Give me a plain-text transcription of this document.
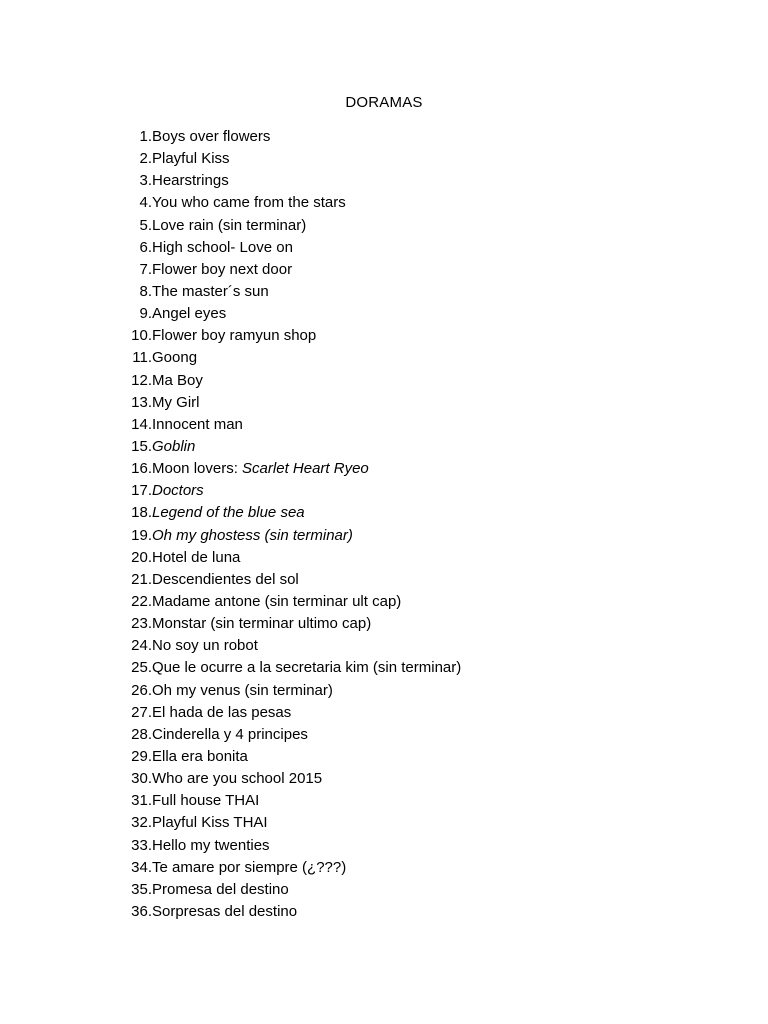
DORAMAS
1. Boys over flowers
2. Playful Kiss
3. Hearstrings
4. You who came from the stars
5. Love rain (sin terminar)
6. High school- Love on
7. Flower boy next door
8. The master´s sun
9. Angel eyes
10. Flower boy ramyun shop
11. Goong
12. Ma Boy
13. My Girl
14. Innocent man
15. Goblin
16. Moon lovers: Scarlet Heart Ryeo
17. Doctors
18. Legend of the blue sea
19. Oh my ghostess (sin terminar)
20. Hotel de luna
21. Descendientes del sol
22. Madame antone (sin terminar ult cap)
23. Monstar (sin terminar ultimo cap)
24. No soy un robot
25. Que le ocurre a la secretaria kim (sin terminar)
26. Oh my venus (sin terminar)
27. El hada de las pesas
28. Cinderella y 4 principes
29. Ella era bonita
30. Who are you school 2015
31. Full house THAI
32. Playful Kiss THAI
33. Hello my twenties
34. Te amare por siempre (¿???)
35. Promesa del destino
36. Sorpresas del destino
